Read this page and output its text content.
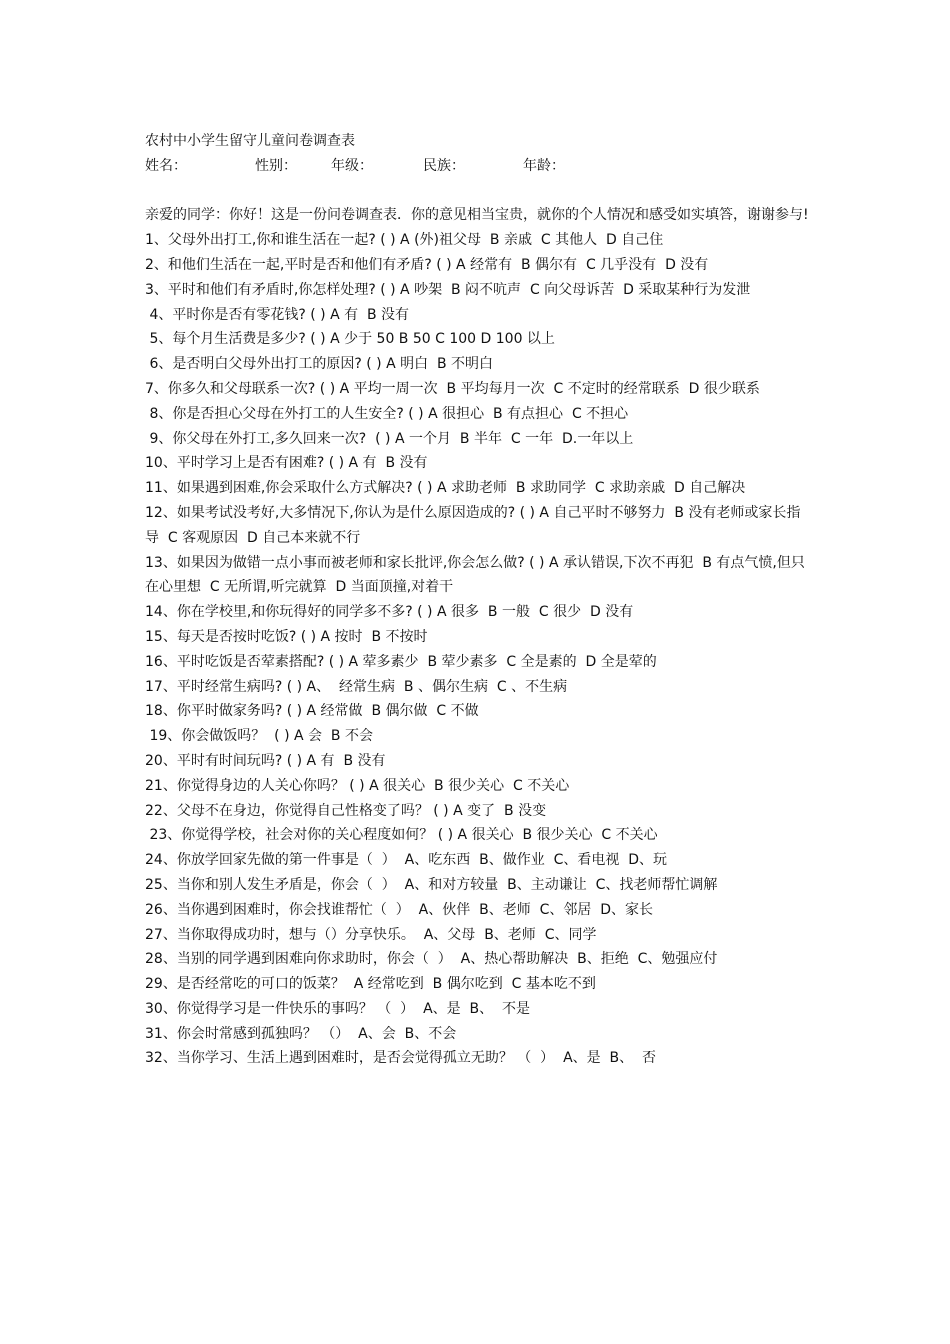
农村中小学生留守儿童问卷调查表

姓名：	性别：	年级：	民族：	年龄：

亲爱的同学：你好！这是一份问卷调查表．你的意见相当宝贵，就你的个人情况和感受如实填答，谢谢参与!

1、父母外出打工,你和谁生活在一起? ( ) A (外)祖父母  B 亲戚  C 其他人  D 自己住

2、和他们生活在一起,平时是否和他们有矛盾? ( ) A 经常有  B 偶尔有  C 几乎没有  D 没有

3、平时和他们有矛盾时,你怎样处理? ( ) A 吵架  B 闷不吭声  C 向父母诉苦  D 采取某种行为发泄

4、平时你是否有零花钱? ( ) A 有  B 没有

5、每个月生活费是多少? ( ) A 少于 50 B 50 C 100 D 100 以上

6、是否明白父母外出打工的原因? ( ) A 明白  B 不明白

7、你多久和父母联系一次? ( ) A 平均一周一次  B 平均每月一次  C 不定时的经常联系  D 很少联系

8、你是否担心父母在外打工的人生安全? ( ) A 很担心  B 有点担心  C 不担心

9、你父母在外打工,多久回来一次?  ( ) A 一个月  B 半年  C 一年  D.一年以上

10、平时学习上是否有困难? ( ) A 有  B 没有

11、如果遇到困难,你会采取什么方式解决? ( ) A 求助老师  B 求助同学  C 求助亲戚  D 自己解决

12、如果考试没考好,大多情况下,你认为是什么原因造成的? ( ) A 自己平时不够努力  B 没有老师或家长指导  C 客观原因  D 自己本来就不行

13、如果因为做错一点小事而被老师和家长批评,你会怎么做? ( ) A 承认错误,下次不再犯  B 有点气愤,但只在心里想  C 无所谓,听完就算  D 当面顶撞,对着干

14、你在学校里,和你玩得好的同学多不多? ( ) A 很多  B 一般  C 很少  D 没有

15、每天是否按时吃饭? ( ) A 按时  B 不按时

16、平时吃饭是否荤素搭配? ( ) A 荤多素少  B 荤少素多  C 全是素的  D 全是荤的

17、平时经常生病吗? ( ) A、  经常生病  B 、偶尔生病  C 、不生病

18、你平时做家务吗? ( ) A 经常做  B 偶尔做  C 不做

19、你会做饭吗？  ( ) A 会  B 不会

20、平时有时间玩吗? ( ) A 有  B 没有

21、你觉得身边的人关心你吗？ ( ) A 很关心  B 很少关心  C 不关心

22、父母不在身边，你觉得自己性格变了吗？ ( ) A 变了  B 没变

23、你觉得学校，社会对你的关心程度如何？ ( ) A 很关心  B 很少关心  C 不关心

24、你放学回家先做的第一件事是（  ）  A、吃东西  B、做作业  C、看电视  D、玩

25、当你和别人发生矛盾是，你会（  ）  A、和对方较量  B、主动谦让  C、找老师帮忙调解

26、当你遇到困难时，你会找谁帮忙（  ）  A、伙伴  B、老师  C、邻居  D、家长

27、当你取得成功时，想与（）分享快乐。  A、父母  B、老师  C、同学

28、当别的同学遇到困难向你求助时，你会（  ）  A、热心帮助解决  B、拒绝  C、勉强应付

29、是否经常吃的可口的饭菜？  A 经常吃到  B 偶尔吃到  C 基本吃不到

30、你觉得学习是一件快乐的事吗？ （  ）  A、是  B、  不是

31、你会时常感到孤独吗？ （）  A、会  B、不会

32、当你学习、生活上遇到困难时，是否会觉得孤立无助？ （  ）  A、是  B、  否
